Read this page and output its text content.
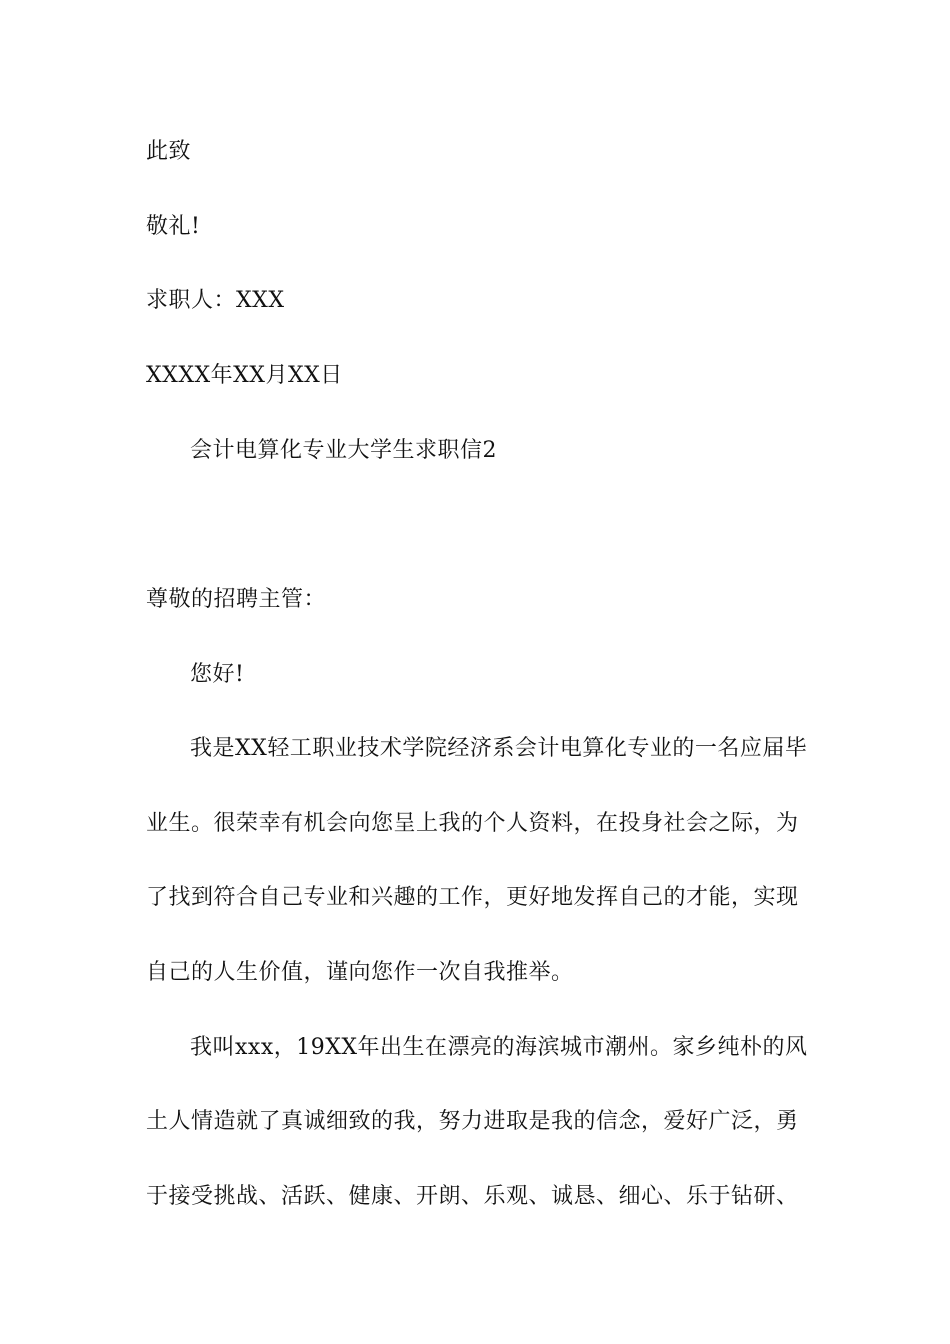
此致
敬礼!
求职人：XXX
XXXX年XX月XX日
会计电算化专业大学生求职信2
尊敬的招聘主管：
您好!
我是XX轻工职业技术学院经济系会计电算化专业的一名应届毕
业生。很荣幸有机会向您呈上我的个人资料，在投身社会之际，为
了找到符合自己专业和兴趣的工作，更好地发挥自己的才能，实现
自己的人生价值，谨向您作一次自我推举。
我叫xxx，19XX年出生在漂亮的海滨城市潮州。家乡纯朴的风
土人情造就了真诚细致的我，努力进取是我的信念，爱好广泛，勇
于接受挑战、活跃、健康、开朗、乐观、诚恳、细心、乐于钻研、
